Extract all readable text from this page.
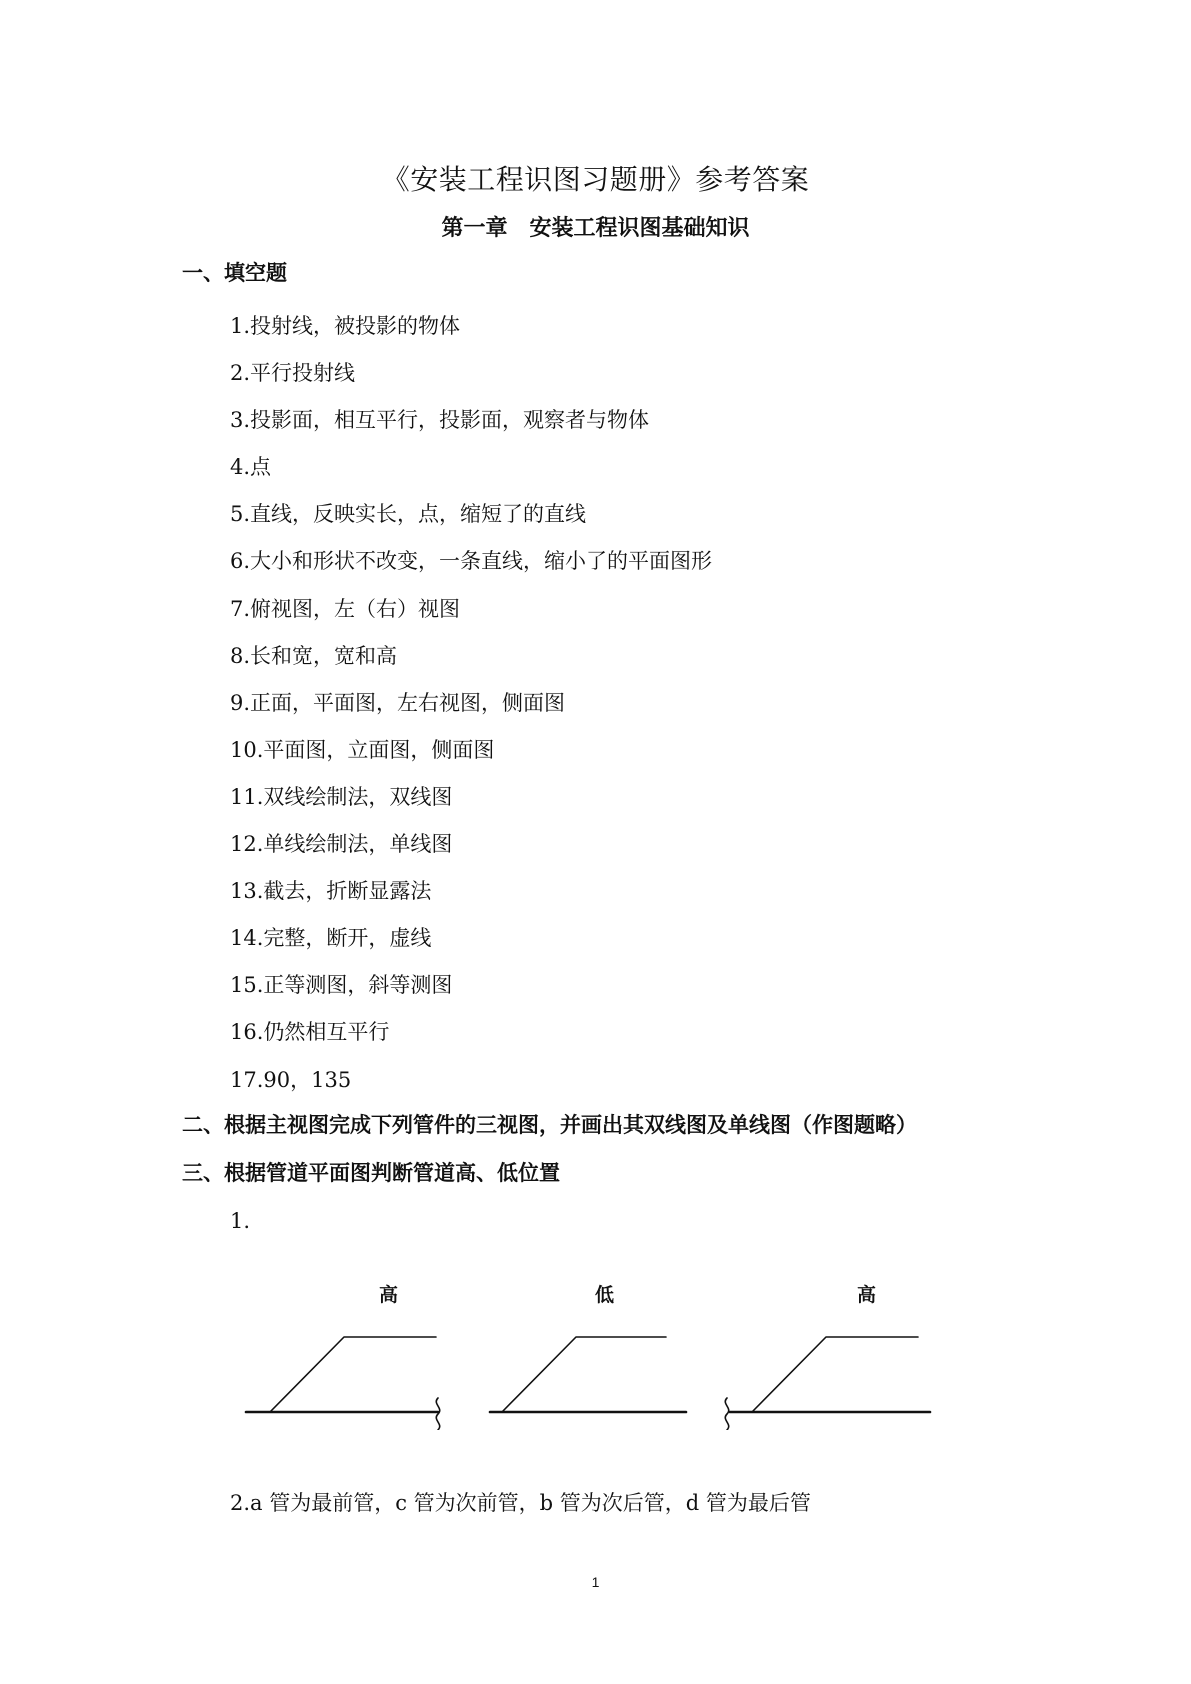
《安装工程识图习题册》参考答案
第一章　安装工程识图基础知识
一、填空题
1.投射线，被投影的物体
2.平行投射线
3.投影面，相互平行，投影面，观察者与物体
4.点
5.直线，反映实长，点，缩短了的直线
6.大小和形状不改变，一条直线，缩小了的平面图形
7.俯视图，左（右）视图
8.长和宽，宽和高
9.正面，平面图，左右视图，侧面图
10.平面图，立面图，侧面图
11.双线绘制法，双线图
12.单线绘制法，单线图
13.截去，折断显露法
14.完整，断开，虚线
15.正等测图，斜等测图
16.仍然相互平行
17.90，135
二、根据主视图完成下列管件的三视图，并画出其双线图及单线图（作图题略）
三、根据管道平面图判断管道高、低位置

1.

高	低	高

2.a 管为最前管，c 管为次前管，b 管为次后管，d 管为最后管

1
